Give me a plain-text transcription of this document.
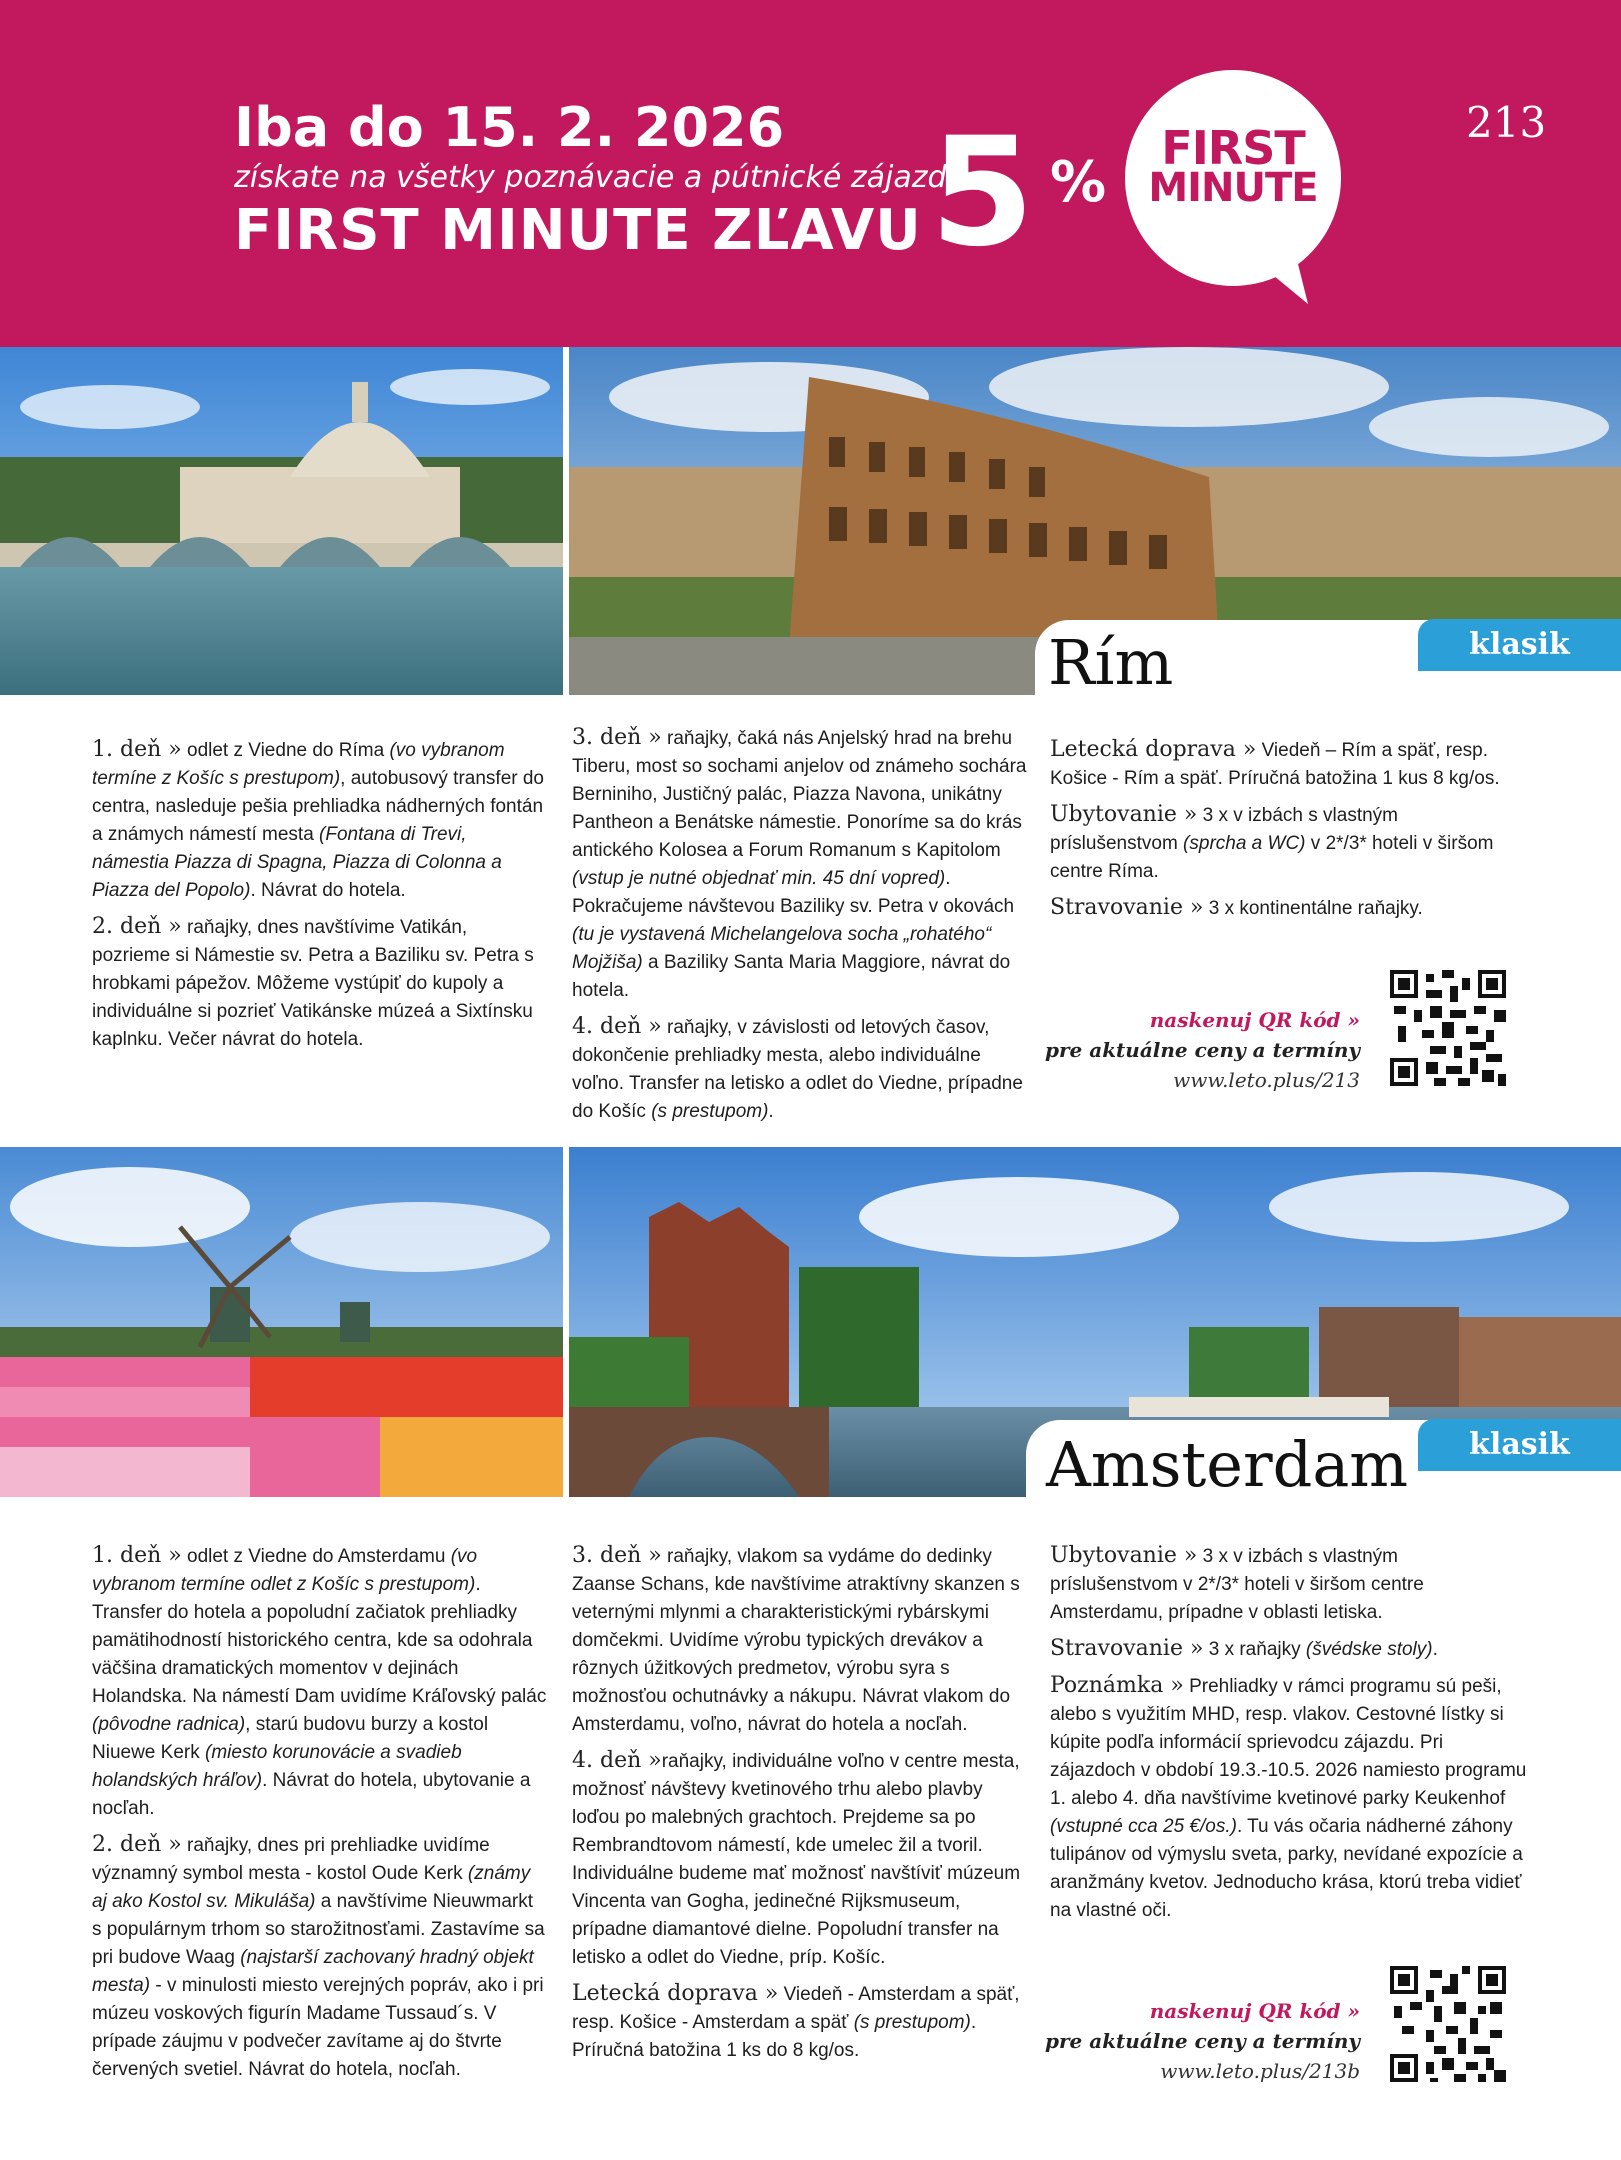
Iba do 15. 2. 2026
získate na všetky poznávacie a pútnické zájazdy
FIRST MINUTE ZĽAVU 5 %
FIRST
MINUTE
213
Rím	klasik

1. deň » odlet z Viedne do Ríma (vo vybranom termíne z Košíc s prestupom), autobusový transfer do centra, nasleduje pešia prehliadka nádherných fontán a známych námestí mesta (Fontana di Trevi, námestia Piazza di Spagna, Piazza di Colonna a Piazza del Popolo). Návrat do hotela.

2. deň » raňajky, dnes navštívime Vatikán, pozrieme si Námestie sv. Petra a Baziliku sv. Petra s hrobkami pápežov. Môžeme vystúpiť do kupoly a individuálne si pozrieť Vatikánske múzeá a Sixtínsku kaplnku. Večer návrat do hotela.

3. deň » raňajky, čaká nás Anjelský hrad na brehu Tiberu, most so sochami anjelov od známeho sochára Berniniho, Justičný palác, Piazza Navona, unikátny Pantheon a Benátske námestie. Ponoríme sa do krás antického Kolosea a Forum Romanum s Kapitolom (vstup je nutné objednať min. 45 dní vopred). Pokračujeme návštevou Baziliky sv. Petra v okovách (tu je vystavená Michelangelova socha „rohatého“ Mojžiša) a Baziliky Santa Maria Maggiore, návrat do hotela.

4. deň » raňajky, v závislosti od letových časov, dokončenie prehliadky mesta, alebo individuálne voľno. Transfer na letisko a odlet do Viedne, prípadne do Košíc (s prestupom).

Letecká doprava » Viedeň – Rím a späť, resp. Košice - Rím a späť. Príručná batožina 1 kus 8 kg/os.

Ubytovanie » 3 x v izbách s vlastným príslušenstvom (sprcha a WC) v 2*/3* hoteli v širšom centre Ríma.

Stravovanie » 3 x kontinentálne raňajky.

naskenuj QR kód »
pre aktuálne ceny a termíny
www.leto.plus/213
Amsterdam	klasik

1. deň » odlet z Viedne do Amsterdamu (vo vybranom termíne odlet z Košíc s prestupom). Transfer do hotela a popoludní začiatok prehliadky pamätihodností historického centra, kde sa odohrala väčšina dramatických momentov v dejinách Holandska. Na námestí Dam uvidíme Kráľovský palác (pôvodne radnica), starú budovu burzy a kostol Niuewe Kerk (miesto korunovácie a svadieb holandských hráľov). Návrat do hotela, ubytovanie a nocľah.

2. deň » raňajky, dnes pri prehliadke uvidíme významný symbol mesta - kostol Oude Kerk (známy aj ako Kostol sv. Mikuláša) a navštívime Nieuwmarkt s populárnym trhom so starožitnosťami. Zastavíme sa pri budove Waag (najstarší zachovaný hradný objekt mesta) - v minulosti miesto verejných popráv, ako i pri múzeu voskových figurín Madame Tussaud´s. V prípade záujmu v podvečer zavítame aj do štvrte červených svetiel. Návrat do hotela, nocľah.

3. deň » raňajky, vlakom sa vydáme do dedinky Zaanse Schans, kde navštívime atraktívny skanzen s veternými mlynmi a charakteristickými rybárskymi domčekmi. Uvidíme výrobu typických drevákov a rôznych úžitkových predmetov, výrobu syra s možnosťou ochutnávky a nákupu. Návrat vlakom do Amsterdamu, voľno, návrat do hotela a nocľah.

4. deň »raňajky, individuálne voľno v centre mesta, možnosť návštevy kvetinového trhu alebo plavby loďou po malebných grachtoch. Prejdeme sa po Rembrandtovom námestí, kde umelec žil a tvoril. Individuálne budeme mať možnosť navštíviť múzeum Vincenta van Gogha, jedinečné Rijksmuseum, prípadne diamantové dielne. Popoludní transfer na letisko a odlet do Viedne, príp. Košíc.

Letecká doprava » Viedeň - Amsterdam a späť, resp. Košice - Amsterdam a späť (s prestupom). Príručná batožina 1 ks do 8 kg/os.

Ubytovanie » 3 x v izbách s vlastným príslušenstvom v 2*/3* hoteli v širšom centre Amsterdamu, prípadne v oblasti letiska.

Stravovanie » 3 x raňajky (švédske stoly).

Poznámka » Prehliadky v rámci programu sú peši, alebo s využitím MHD, resp. vlakov. Cestovné lístky si kúpite podľa informácií sprievodcu zájazdu. Pri zájazdoch v období 19.3.-10.5. 2026 namiesto programu 1. alebo 4. dňa navštívime kvetinové parky Keukenhof (vstupné cca 25 €/os.). Tu vás očaria nádherné záhony tulipánov od výmyslu sveta, parky, nevídané expozície a aranžmány kvetov. Jednoducho krása, ktorú treba vidieť na vlastné oči.

naskenuj QR kód »
pre aktuálne ceny a termíny
www.leto.plus/213b
